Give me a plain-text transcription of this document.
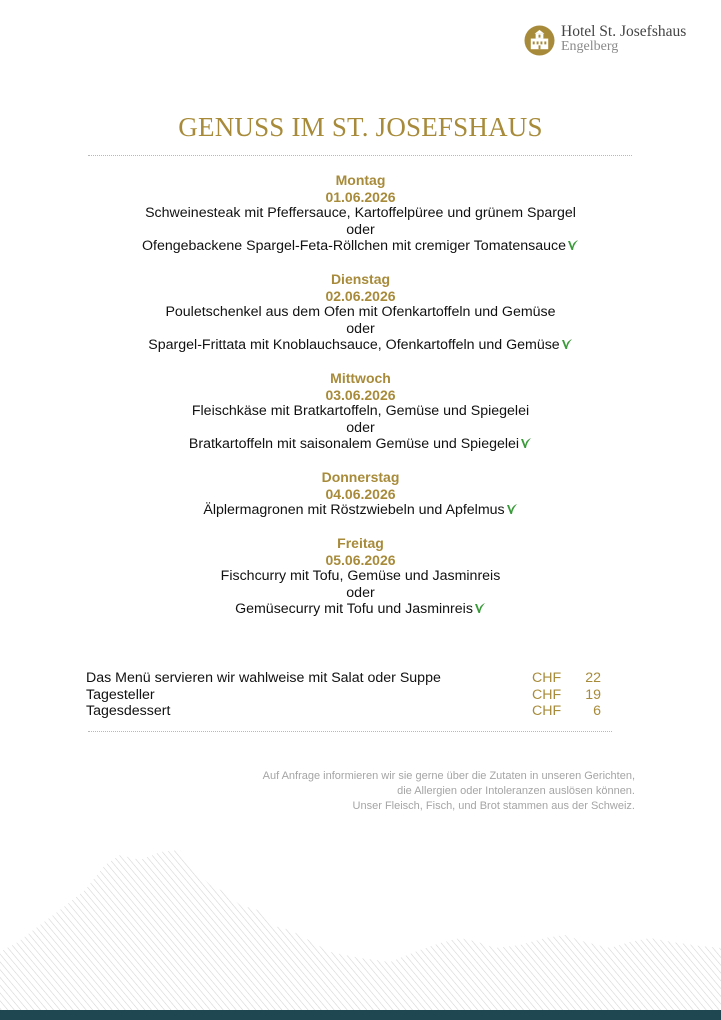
Hotel St. Josefshaus
Engelberg
GENUSS IM ST. JOSEFSHAUS
Montag
01.06.2026
Schweinesteak mit Pfeffersauce, Kartoffelpüree und grünem Spargel
oder
Ofengebackene Spargel-Feta-Röllchen mit cremiger Tomatensauce
Dienstag
02.06.2026
Pouletschenkel aus dem Ofen mit Ofenkartoffeln und Gemüse
oder
Spargel-Frittata mit Knoblauchsauce, Ofenkartoffeln und Gemüse
Mittwoch
03.06.2026
Fleischkäse mit Bratkartoffeln, Gemüse und Spiegelei
oder
Bratkartoffeln mit saisonalem Gemüse und Spiegelei
Donnerstag
04.06.2026
Älplermagronen mit Röstzwiebeln und Apfelmus
Freitag
05.06.2026
Fischcurry mit Tofu, Gemüse und Jasminreis
oder
Gemüsecurry mit Tofu und Jasminreis
Das Menü servieren wir wahlweise mit Salat oder Suppe	CHF 22
Tagesteller	CHF 19
Tagesdessert	CHF 6
Auf Anfrage informieren wir sie gerne über die Zutaten in unseren Gerichten,
die Allergien oder Intoleranzen auslösen können.
Unser Fleisch, Fisch, und Brot stammen aus der Schweiz.
